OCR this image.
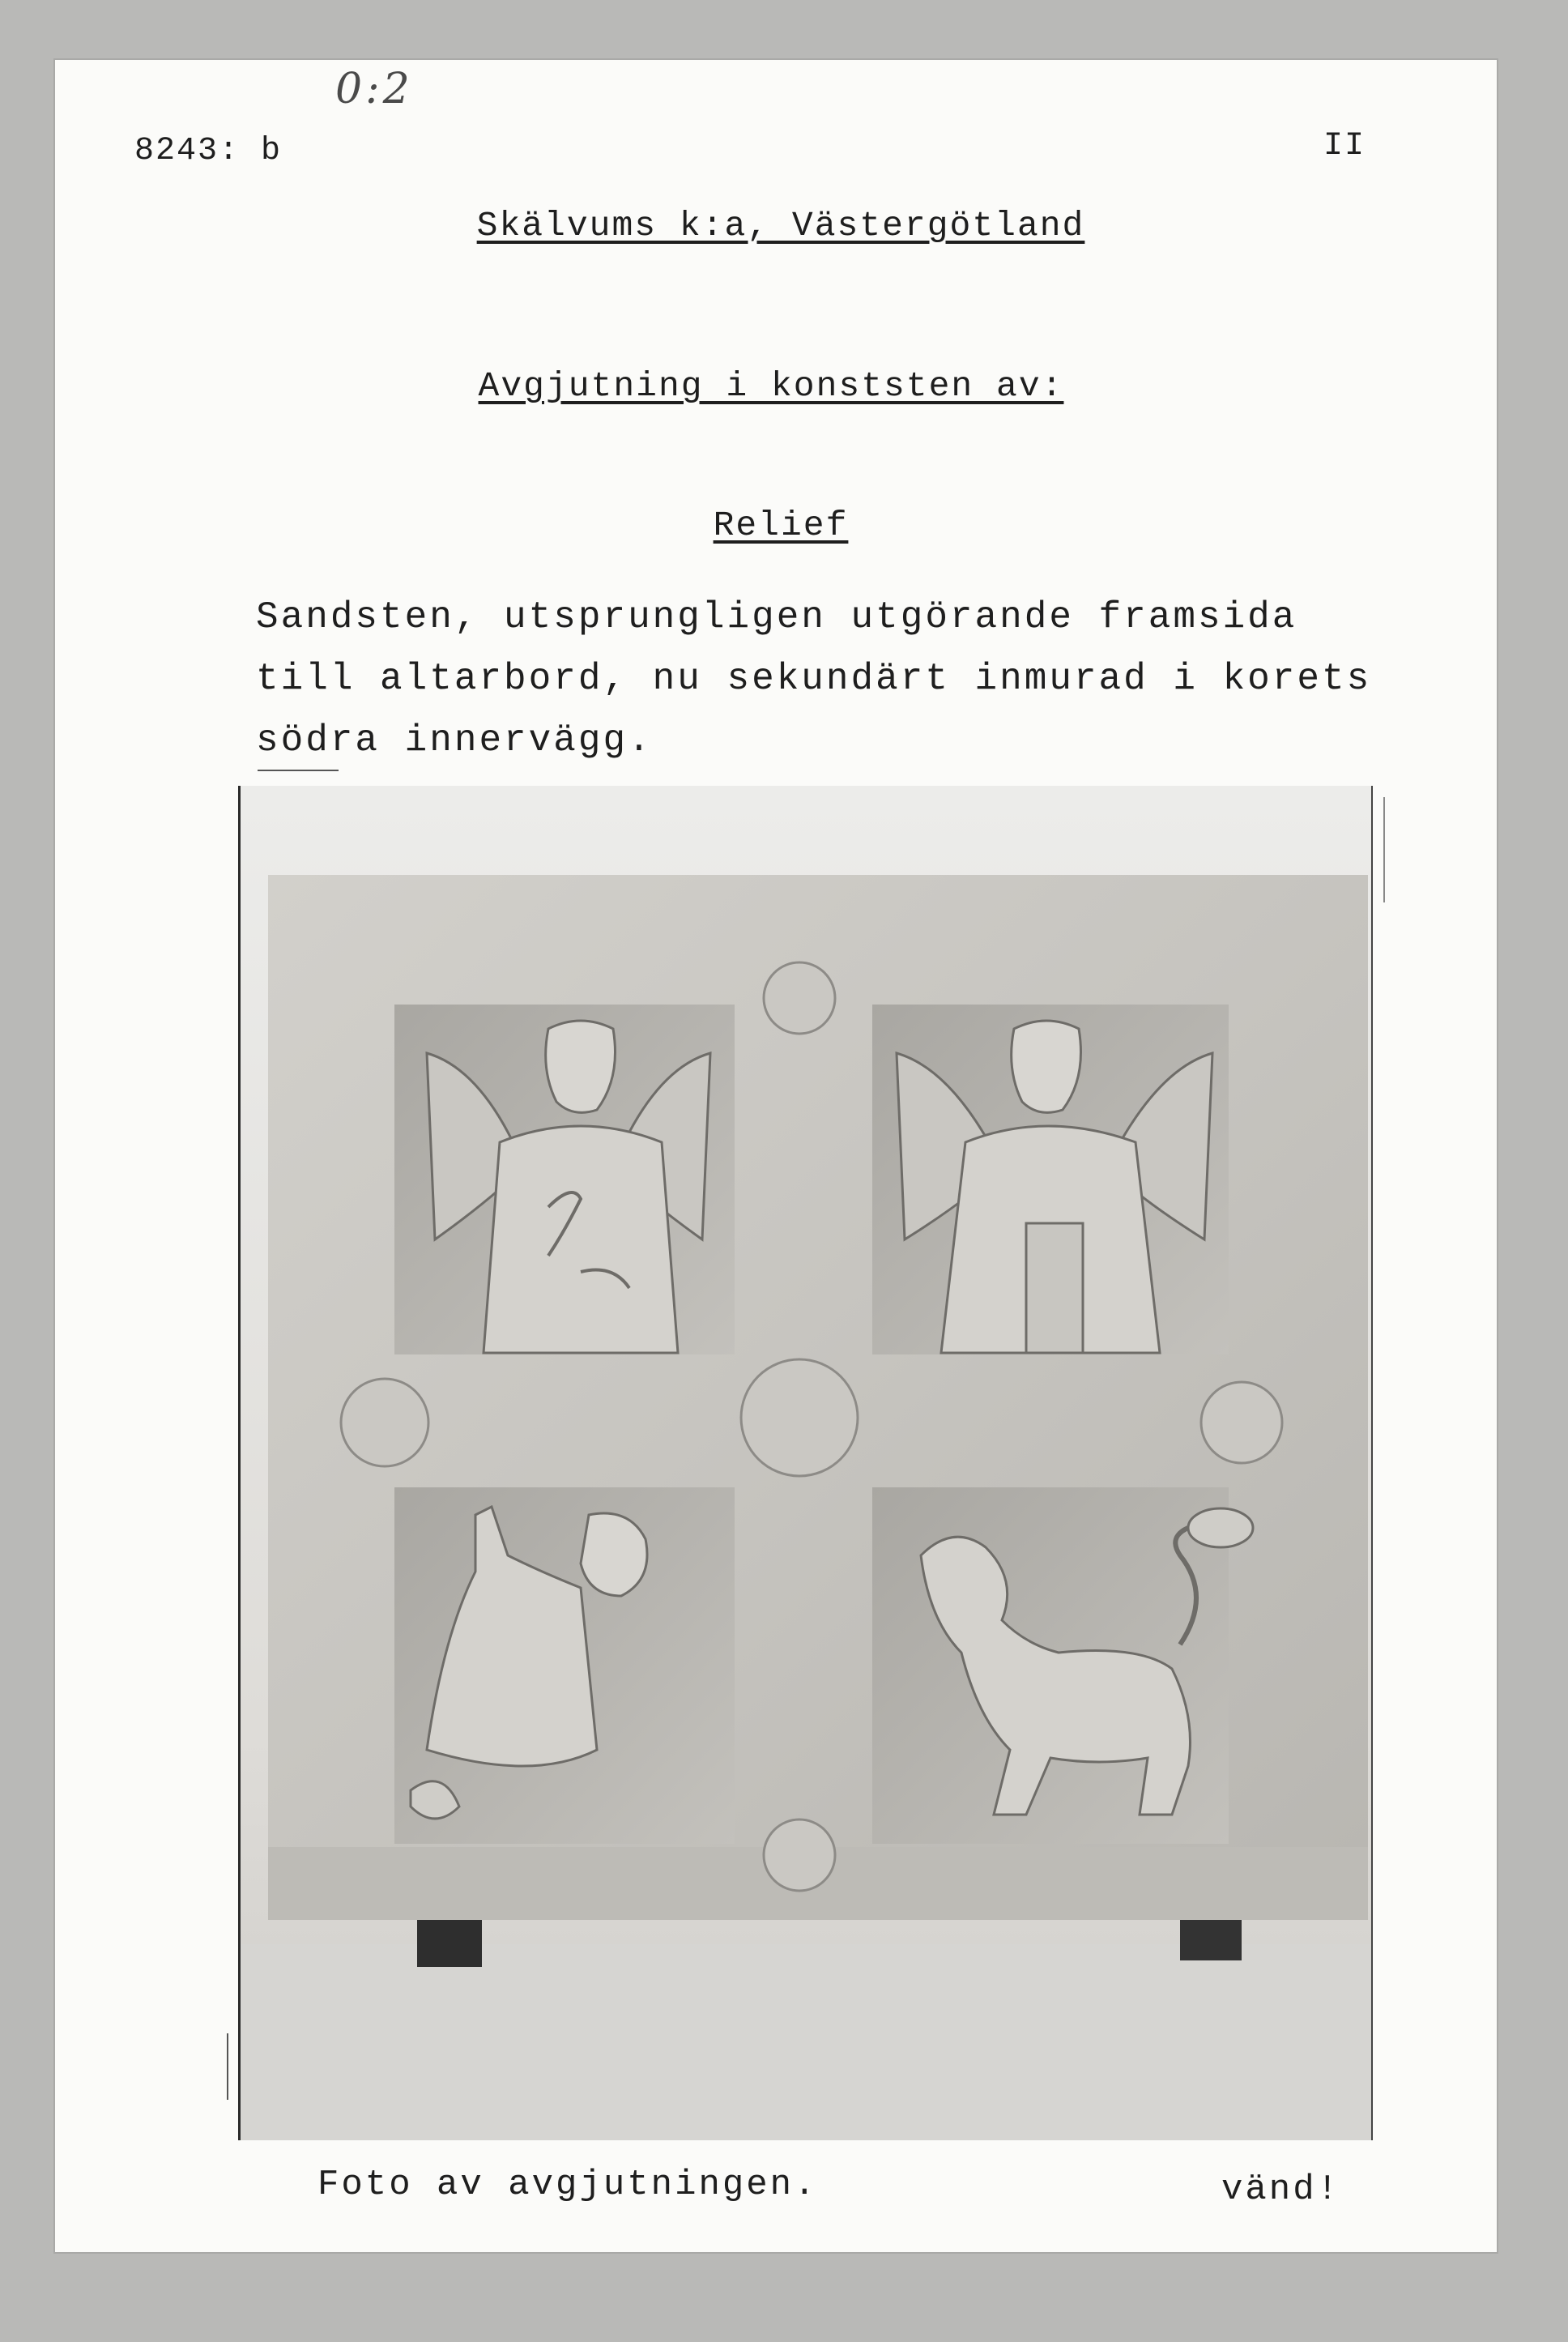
0:2
8243: b	II
Skälvums k:a, Västergötland
Avgjutning i konststen av:
Relief
Sandsten, utsprungligen utgörande framsida
till altarbord, nu sekundärt inmurad i korets
södra innervägg.
Foto av avgjutningen.	vänd!
